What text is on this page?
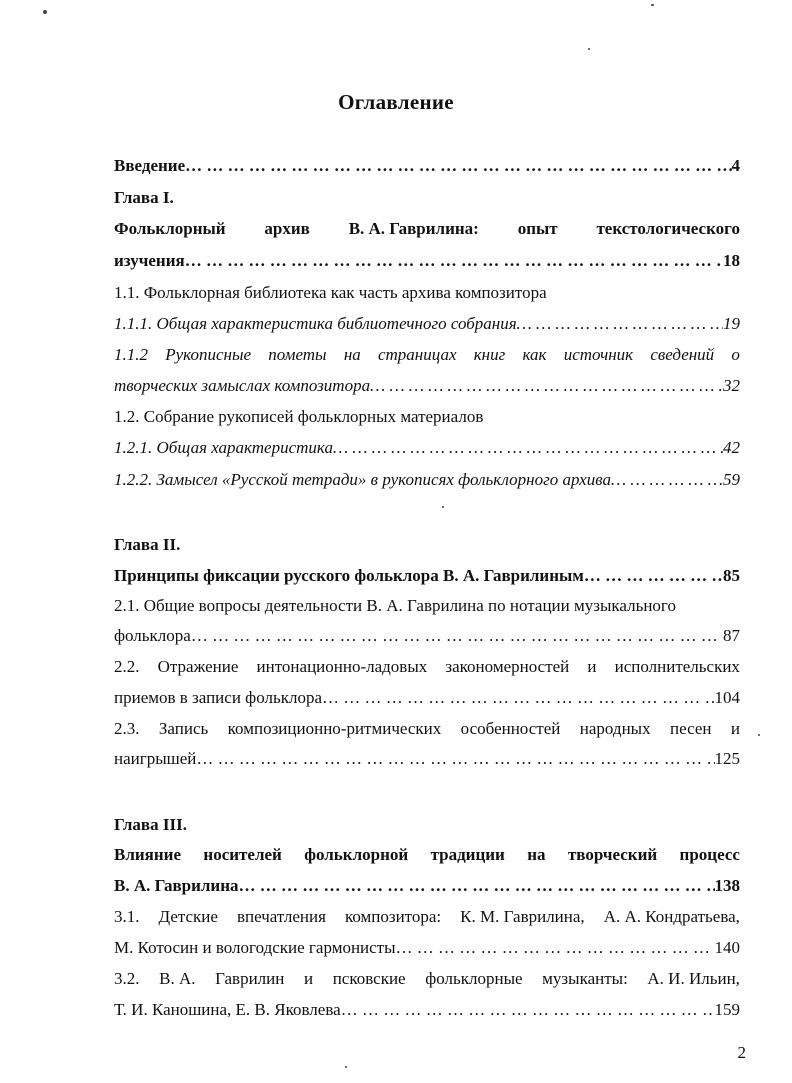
Оглавление
Введение … … … … … … … … … … … … … … … … … … … … … … … … … … … … … … … … … … … … … … … … … … … … … … …	4
Глава I.
Фольклорный архив В. А. Гаврилина: опыт текстологического
изучения … … … … … … … … … … … … … … … … … … … … … … … … … … … … … … … … … … … … … … … … … … … … … … …	18
1.1. Фольклорная библиотека как часть архива композитора
1.1.1. Общая характеристика библиотечного собрания … … … … … … … … … … … … … … … … … … … … … … … … … … … … … … … … … … … … … … … … … … … … … … …	19
1.1.2 Рукописные пометы на страницах книг как источник сведений о
творческих замыслах композитора … … … … … … … … … … … … … … … … … … … … … … … … … … … … … … … … … … … … … … … … … … … … … … …	32
1.2. Собрание рукописей фольклорных материалов
1.2.1. Общая характеристика … … … … … … … … … … … … … … … … … … … … … … … … … … … … … … … … … … … … … … … … … … … … … … …	42
1.2.2. Замысел «Русской тетради» в рукописях фольклорного архива … … … … … … … … … … … … … … … … … … … … … … … … … … … … … … … … … … … … … … … … … … … … … … …	59
Глава II.
Принципы фиксации русского фольклора В. А. Гаврилиным … … … … … … … … … … … … … … … … … … … … … … … … … … … … … … … … … … … … … … … … … … … … … … …	85
2.1. Общие вопросы деятельности В. А. Гаврилина по нотации музыкального
фольклора … … … … … … … … … … … … … … … … … … … … … … … … … … … … … … … … … … … … … … … … … … … … … … …	87
2.2. Отражение интонационно-ладовых закономерностей и исполнительских
приемов в записи фольклора … … … … … … … … … … … … … … … … … … … … … … … … … … … … … … … … … … … … … … … … … … … … … … …	104
2.3. Запись композиционно-ритмических особенностей народных песен и
наигрышей … … … … … … … … … … … … … … … … … … … … … … … … … … … … … … … … … … … … … … … … … … … … … … …	125
Глава III.
Влияние носителей фольклорной традиции на творческий процесс
В. А. Гаврилина … … … … … … … … … … … … … … … … … … … … … … … … … … … … … … … … … … … … … … … … … … … … … … …	138
3.1. Детские впечатления композитора: К. М. Гаврилина, А. А. Кондратьева,
М. Котосин и вологодские гармонисты … … … … … … … … … … … … … … … … … … … … … … … … … … … … … … … … … … … … … … … … … … … … … … …	140
3.2. В. А. Гаврилин и псковские фольклорные музыканты: А. И. Ильин,
Т. И. Каношина, Е. В. Яковлева … … … … … … … … … … … … … … … … … … … … … … … … … … … … … … … … … … … … … … … … … … … … … … …	159
2
